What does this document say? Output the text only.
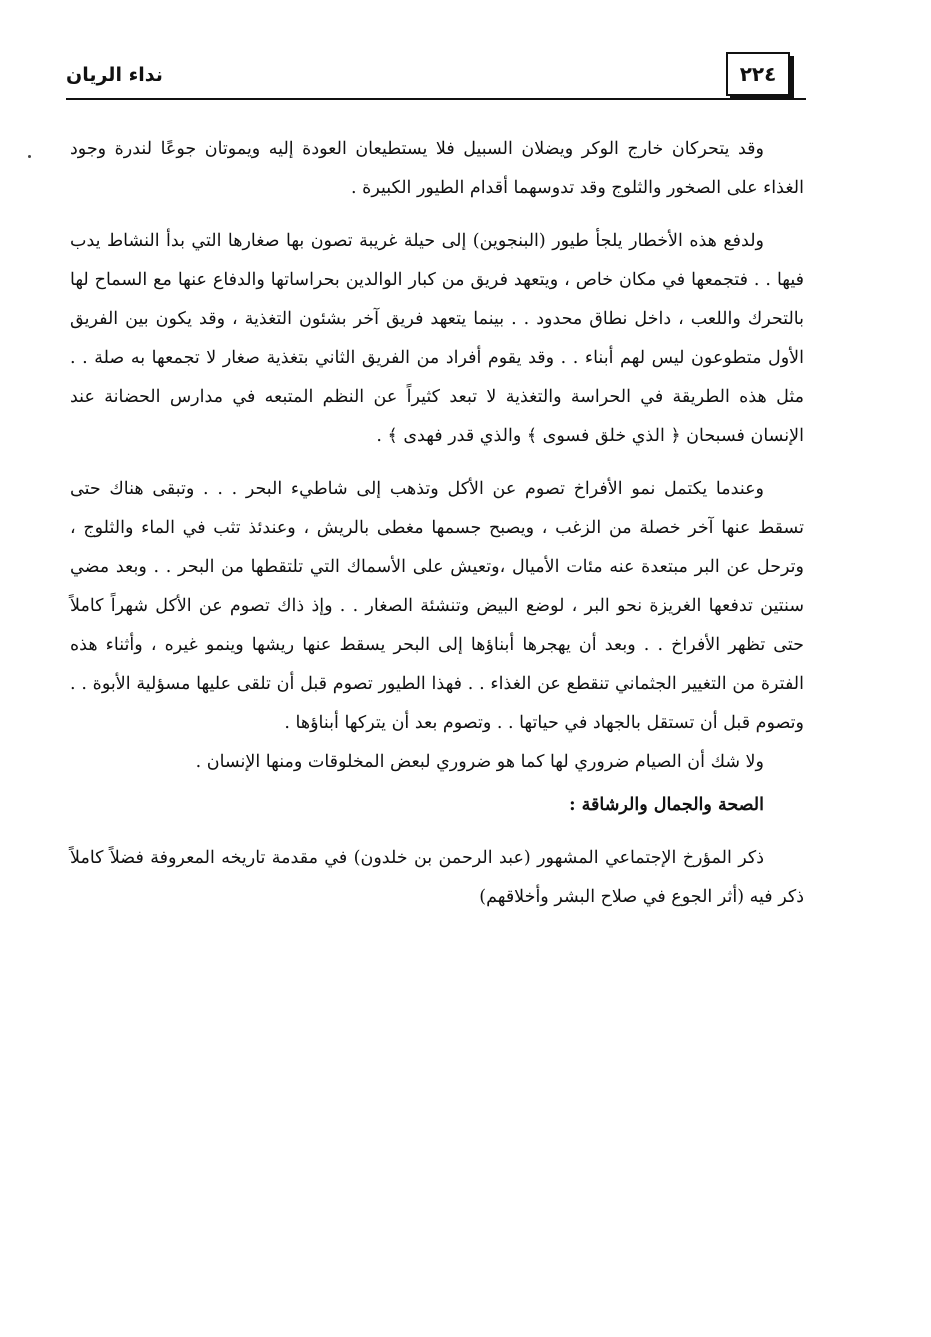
٢٢٤
نداء الريان

وقد يتحركان خارج الوكر ويضلان السبيل فلا يستطيعان العودة إليه ويموتان جوعًا لندرة وجود الغذاء على الصخور والثلوج وقد تدوسهما أقدام الطيور الكبيرة .

ولدفع هذه الأخطار يلجأ طيور (البنجوين) إلى حيلة غريبة تصون بها صغارها التي بدأ النشاط يدب فيها . . فتجمعها في مكان خاص ، ويتعهد فريق من كبار الوالدين بحراساتها والدفاع عنها مع السماح لها بالتحرك واللعب ، داخل نطاق محدود . . بينما يتعهد فريق آخر بشئون التغذية ، وقد يكون بين الفريق الأول متطوعون ليس لهم أبناء . . وقد يقوم أفراد من الفريق الثاني بتغذية صغار لا تجمعها به صلة . . مثل هذه الطريقة في الحراسة والتغذية لا تبعد كثيراً عن النظم المتبعه في مدارس الحضانة عند الإنسان فسبحان ﴿ الذي خلق فسوى ﴾ والذي قدر فهدى ﴾ .

وعندما يكتمل نمو الأفراخ تصوم عن الأكل وتذهب إلى شاطيء البحر . . . وتبقى هناك حتى تسقط عنها آخر خصلة من الزغب ، ويصبح جسمها مغطى بالريش ، وعندئذ تثب في الماء والثلوج ، وترحل عن البر مبتعدة عنه مئات الأميال ،وتعيش على الأسماك التي تلتقطها من البحر . . وبعد مضي سنتين تدفعها الغريزة نحو البر ، لوضع البيض وتنشئة الصغار . . وإذ ذاك تصوم عن الأكل شهراً كاملاً حتى تظهر الأفراخ . . وبعد أن يهجرها أبناؤها إلى البحر يسقط عنها ريشها وينمو غيره ، وأثناء هذه الفترة من التغيير الجثماني تنقطع عن الغذاء . . فهذا الطيور تصوم قبل أن تلقى عليها مسؤلية الأبوة . . وتصوم قبل أن تستقل بالجهاد في حياتها . . وتصوم بعد أن يتركها أبناؤها .

ولا شك أن الصيام ضروري لها كما هو ضروري لبعض المخلوقات ومنها الإنسان .

الصحة والجمال والرشاقة :

ذكر المؤرخ الإجتماعي المشهور (عبد الرحمن بن خلدون) في مقدمة تاريخه المعروفة فضلاً كاملاً ذكر فيه (أثر الجوع في صلاح البشر وأخلاقهم)
